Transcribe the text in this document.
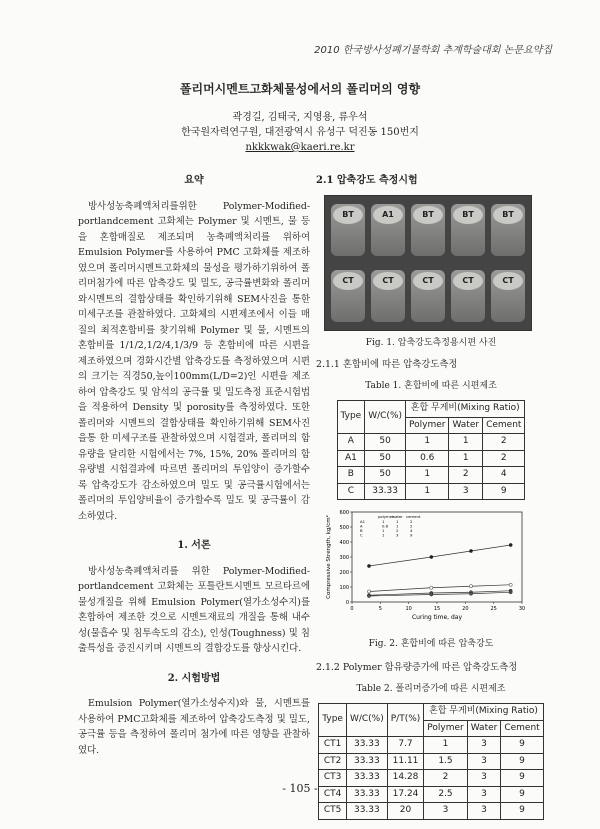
2010 한국방사성폐기물학회 추계학술대회 논문요약집
폴리머시멘트고화체물성에서의 폴리머의 영향
곽경길, 김태국, 지영용, 류우석
한국원자력연구원, 대전광역시 유성구 덕진동 150번지
nkkkwak@kaeri.re.kr
요약

방사성농축폐액처리를위한 Polymer-Modified-portlandcement 고화체는 Polymer 및 시멘트, 물 등을 혼합매질로 제조되며 농축폐액처리를 위하여 Emulsion Polymer를 사용하여 PMC 고화체를 제조하였으며 폴리머시멘트고화체의 물성을 평가하기위하여 폴리머첨가에 따른 압축강도 및 밀도, 공극률변화와 폴리머와시멘트의 결합상태를 확인하기위해 SEM사진을 통한 미세구조를 관찰하였다. 고화체의 시편제조에서 이들 매질의 최적혼합비를 찾기위해 Polymer 및 물, 시멘트의 혼합비를 1/1/2,1/2/4,1/3/9 등 혼합비에 따른 시편을 제조하였으며 경화시간별 압축강도를 측정하였으며 시편의 크기는 직경50,높이100mm(L/D=2)인 시편을 제조하여 압축강도 및 암석의 공극률 및 밀도측정 표준시험법을 적용하여 Density 및 porosity를 측정하였다. 또한 폴리머와 시멘트의 결합상태를 확인하기위해 SEM사진을통 한 미세구조를 관찰하였으며 시험결과, 폴리머의 함유량을 달리한 시험에서는 7%, 15%, 20% 폴리머의 함유량별 시험결과에 따르면 폴리머의 투입양이 증가할수록 압축강도가 감소하였으며 밀도 및 공극률시험에서는 폴리머의 투입양비율이 증가할수록 밀도 및 공극률이 감소하였다.

1. 서론

방사성농축폐액처리를 위한 Polymer-Modified-portlandcement 고화체는 포틀란트시멘트 모르타르에 물성개질을 위해 Emulsion Polymer(열가소성수지)를 혼합하여 제조한 것으로 시멘트재료의 개질을 통해 내수성(물흡수 및 침투속도의 감소), 인성(Toughness) 및 침출특성을 증진시키며 시멘트의 결합강도를 향상시킨다.

2. 시험방법

Emulsion Polymer(열가소성수지)와 물, 시멘트를 사용하여 PMC고화체를 제조하여 압축강도측정 및 밀도, 공극률 등을 측정하여 폴리머 첨가에 따른 영향을 관찰하였다.

2.1 압축강도 측정시험
BT	A1	BT	BT	BT
CT	CT	CT	CT	CT
Fig. 1. 압축강도측정용시편 사진
2.1.1 혼합비에 따른 압축강도측정
Table 1. 혼합비에 따른 시편제조
Type	W/C(%)	혼합 무게비(Mixing Ratio)		
		Polymer	Water	Cement
A	50	1	1	2
A1	50	0.6	1	2
B	50	1	2	4
C	33.33	1	3	9
0
100
200
300
400
500
600
0	5	10	15	20	25	30
Curing time, day
Compressive Strength, kg/cm²	polymer
water cement
A1	1	1	2
A	0.6 1	2
B	1	2	4
C	1	3	9
Fig. 2. 혼합비에 따른 압축강도
2.1.2 Polymer 함유량증가에 따른 압축강도측정
Table 2. 폴리머증가에 따른 시편제조
Type	W/C(%)	P/T(%)	혼합 무게비(Mixing Ratio)		
			Polymer	Water	Cement
CT1	33.33	7.7	1	3	9
CT2	33.33	11.11	1.5	3	9
CT3	33.33	14.28	2	3	9
CT4	33.33	17.24	2.5	3	9
CT5	33.33	20	3	3	9
- 105 -
